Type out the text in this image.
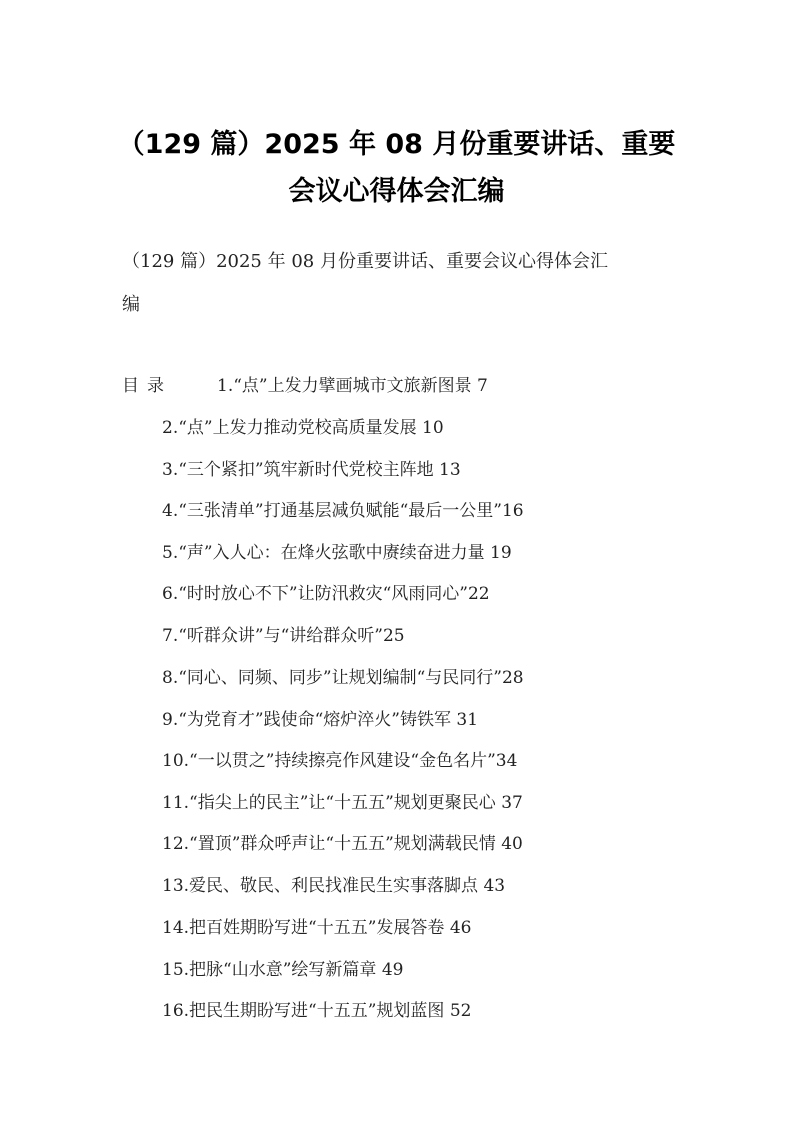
（129 篇）2025 年 08 月份重要讲话、重要
会议心得体会汇编
（129 篇）2025 年 08 月份重要讲话、重要会议心得体会汇
编
目录	1.“点”上发力擘画城市文旅新图景 7
2.“点”上发力推动党校高质量发展 10
3.“三个紧扣”筑牢新时代党校主阵地 13
4.“三张清单”打通基层减负赋能“最后一公里”16
5.“声”入人心：在烽火弦歌中赓续奋进力量 19
6.“时时放心不下”让防汛救灾“风雨同心”22
7.“听群众讲”与“讲给群众听”25
8.“同心、同频、同步”让规划编制“与民同行”28
9.“为党育才”践使命“熔炉淬火”铸铁军 31
10.“一以贯之”持续擦亮作风建设“金色名片”34
11.“指尖上的民主”让“十五五”规划更聚民心 37
12.“置顶”群众呼声让“十五五”规划满载民情 40
13.爱民、敬民、利民找准民生实事落脚点 43
14.把百姓期盼写进“十五五”发展答卷 46
15.把脉“山水意”绘写新篇章 49
16.把民生期盼写进“十五五”规划蓝图 52
